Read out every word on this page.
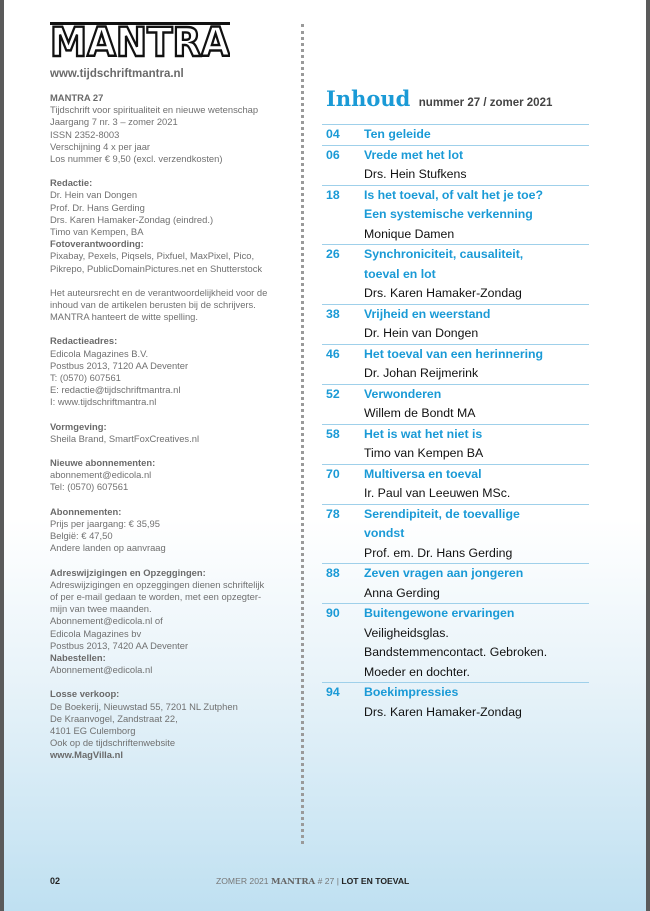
MANTRA
www.tijdschriftmantra.nl

MANTRA 27

Tijdschrift voor spiritualiteit en nieuwe wetenschap

Jaargang 7 nr. 3 – zomer 2021

ISSN 2352-8003

Verschijning 4 x per jaar

Los nummer € 9,50 (excl. verzendkosten)

Redactie:

Dr. Hein van Dongen

Prof. Dr. Hans Gerding

Drs. Karen Hamaker-Zondag (eindred.)

Timo van Kempen, BA

Fotoverantwoording:

Pixabay, Pexels, Piqsels, Pixfuel, MaxPixel, Pico,

Pikrepo, PublicDomainPictures.net en Shutterstock

Het auteursrecht en de verantwoordelijkheid voor de

inhoud van de artikelen berusten bij de schrijvers.

MANTRA hanteert de witte spelling.

Redactieadres:

Edicola Magazines B.V.

Postbus 2013, 7120 AA Deventer

T: (0570) 607561

E: redactie@tijdschriftmantra.nl

I: www.tijdschriftmantra.nl

Vormgeving:

Sheila Brand, SmartFoxCreatives.nl

Nieuwe abonnementen:

abonnement@edicola.nl

Tel: (0570) 607561

Abonnementen:

Prijs per jaargang: € 35,95

België: € 47,50

Andere landen op aanvraag

Adreswijzigingen en Opzeggingen:

Adreswijzigingen en opzeggingen dienen schriftelijk

of per e-mail gedaan te worden, met een opzegter-

mijn van twee maanden.

Abonnement@edicola.nl of

Edicola Magazines bv

Postbus 2013, 7420 AA Deventer

Nabestellen:

Abonnement@edicola.nl

Losse verkoop:

De Boekerij, Nieuwstad 55, 7201 NL Zutphen

De Kraanvogel, Zandstraat 22,

4101 EG Culemborg

Ook op de tijdschriftenwebsite

www.MagVilla.nl

Inhoud nummer 27 / zomer 2021
04	Ten geleide
06	Vrede met het lot
Drs. Hein Stufkens
18	Is het toeval, of valt het je toe?
Een systemische verkenning
Monique Damen
26	Synchroniciteit, causaliteit,
toeval en lot
Drs. Karen Hamaker-Zondag
38	Vrijheid en weerstand
Dr. Hein van Dongen
46	Het toeval van een herinnering
Dr. Johan Reijmerink
52	Verwonderen
Willem de Bondt MA
58	Het is wat het niet is
Timo van Kempen BA
70	Multiversa en toeval
Ir. Paul van Leeuwen MSc.
78	Serendipiteit, de toevallige
vondst
Prof. em. Dr. Hans Gerding
88	Zeven vragen aan jongeren
Anna Gerding
90	Buitengewone ervaringen
Veiligheidsglas.
Bandstemmencontact. Gebroken.
Moeder en dochter.
94	Boekimpressies
Drs. Karen Hamaker-Zondag
02	ZOMER 2021 MANTRA # 27 | LOT EN TOEVAL
